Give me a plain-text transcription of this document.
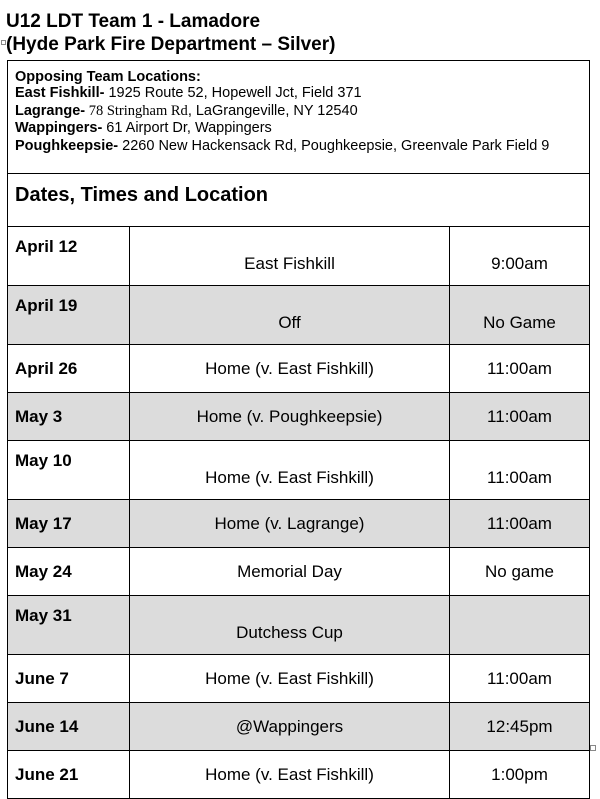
U12 LDT Team 1 - Lamadore
(Hyde Park Fire Department – Silver)
Opposing Team Locations:
East Fishkill- 1925 Route 52, Hopewell Jct, Field 371
Lagrange- 78 Stringham Rd, LaGrangeville, NY 12540
Wappingers- 61 Airport Dr, Wappingers
Poughkeepsie- 2260 New Hackensack Rd, Poughkeepsie, Greenvale Park Field 9		

Dates, Times and Location		

April 12	East Fishkill	9:00am
April 19	Off	No Game
April 26	Home (v. East Fishkill)	11:00am
May 3	Home (v. Poughkeepsie)	11:00am
May 10	Home (v. East Fishkill)	11:00am
May 17	Home (v. Lagrange)	11:00am
May 24	Memorial Day	No game
May 31	Dutchess Cup	
June 7	Home (v. East Fishkill)	11:00am
June 14	@Wappingers	12:45pm
June 21	Home (v. East Fishkill)	1:00pm
